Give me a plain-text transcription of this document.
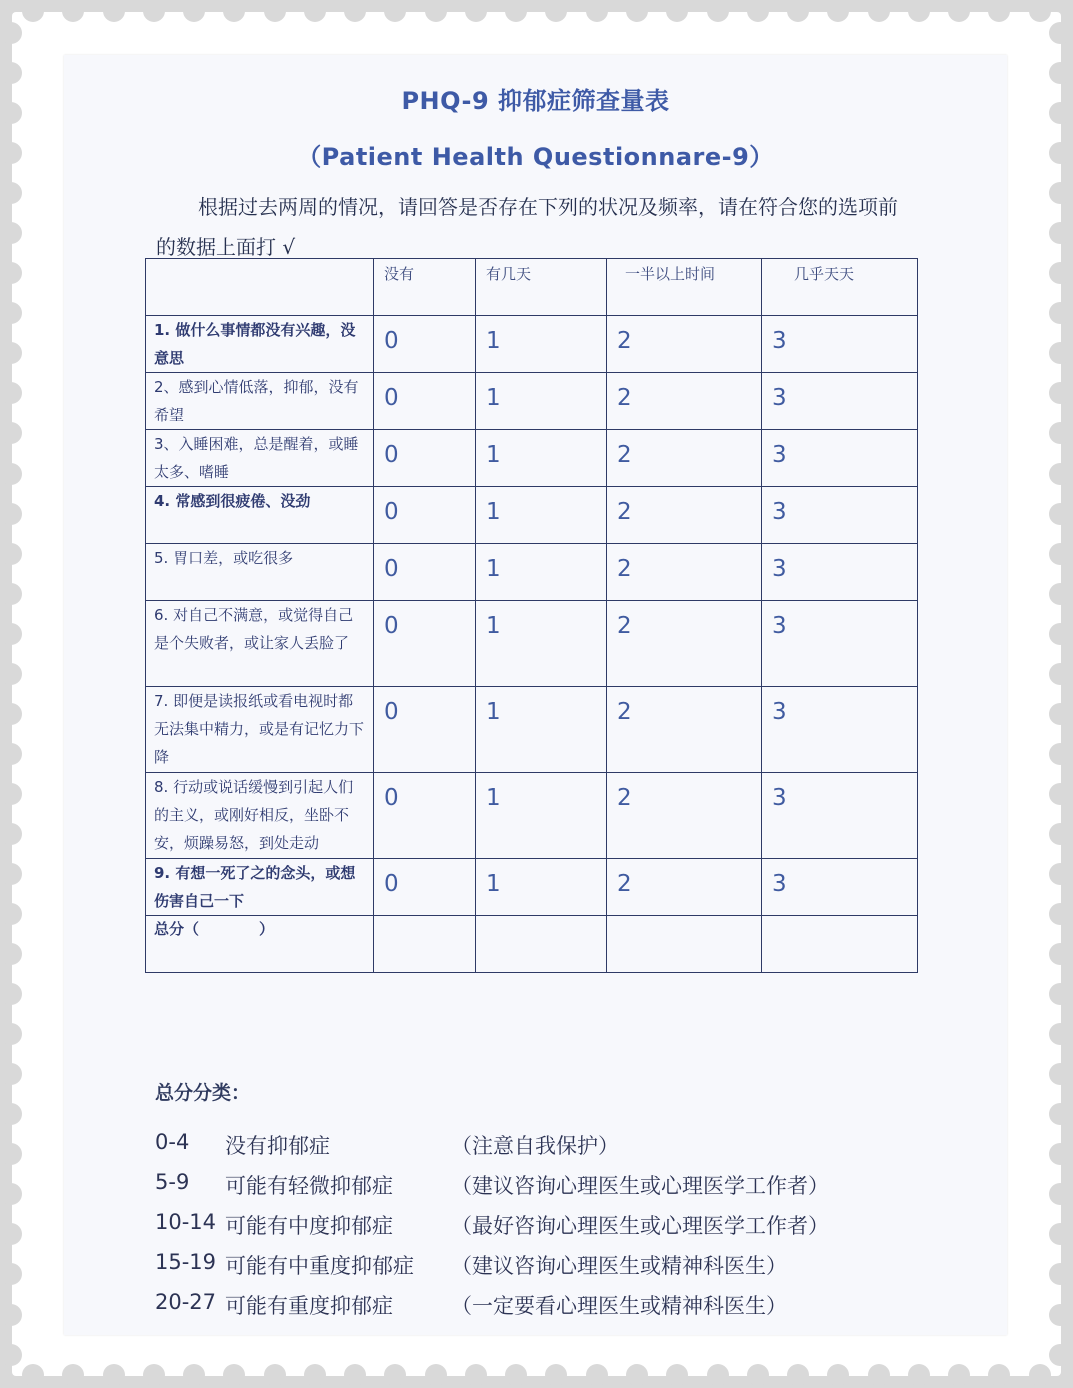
PHQ-9 抑郁症筛查量表
（Patient Health Questionnare-9）
根据过去两周的情况，请回答是否存在下列的状况及频率，请在符合您的选项前的数据上面打 √
	没有	有几天	一半以上时间	几乎天天

1. 做什么事情都没有兴趣，没意思	0	1	2	3

2、感到心情低落，抑郁，没有希望	0	1	2	3

3、入睡困难，总是醒着，或睡太多、嗜睡	0	1	2	3

4. 常感到很疲倦、没劲	0	1	2	3

5. 胃口差，或吃很多	0	1	2	3

6. 对自己不满意，或觉得自己是个失败者，或让家人丢脸了	0	1	2	3

7. 即便是读报纸或看电视时都无法集中精力，或是有记忆力下降	0	1	2	3

8. 行动或说话缓慢到引起人们的主义，或刚好相反，坐卧不安，烦躁易怒，到处走动	0	1	2	3

9. 有想一死了之的念头，或想伤害自己一下	0	1	2	3

总分（　　　　）				

总分分类：
0-4 没有抑郁症	（注意自我保护）
5-9 可能有轻微抑郁症	（建议咨询心理医生或心理医学工作者）
10-14 可能有中度抑郁症	（最好咨询心理医生或心理医学工作者）
15-19 可能有中重度抑郁症 （建议咨询心理医生或精神科医生）
20-27 可能有重度抑郁症	（一定要看心理医生或精神科医生）
